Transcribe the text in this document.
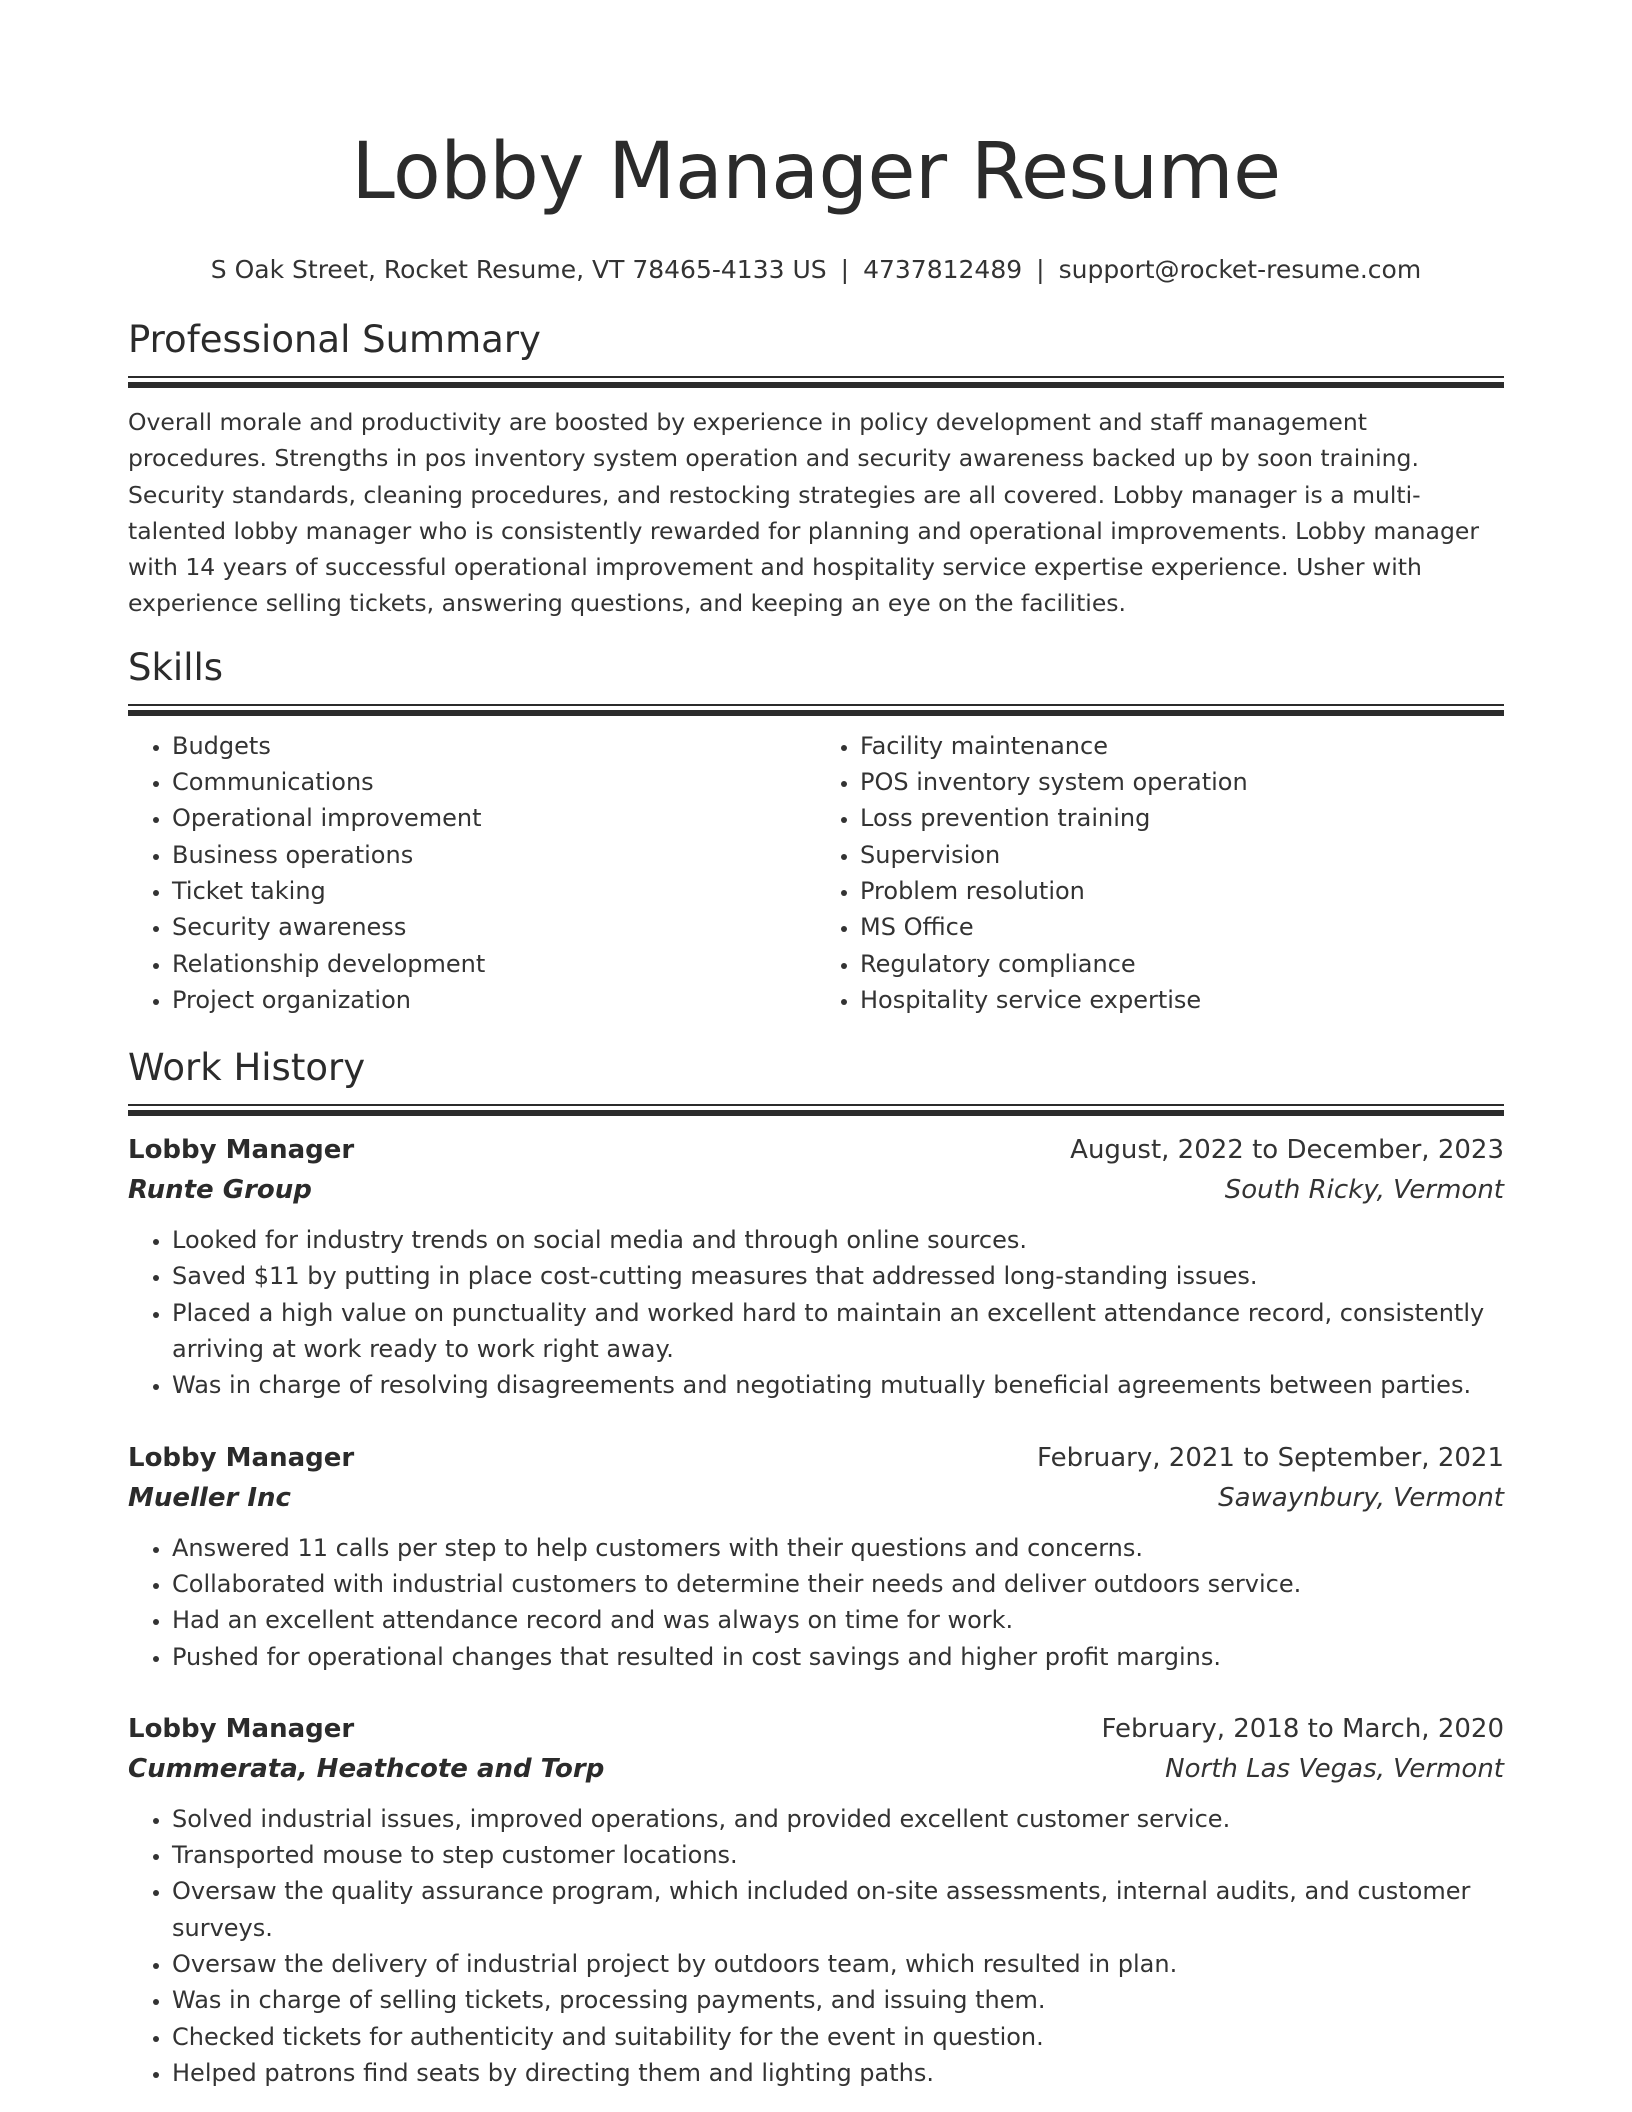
Lobby Manager Resume
S Oak Street, Rocket Resume, VT 78465-4133 US | 4737812489 | support@rocket-resume.com
Professional Summary

Overall morale and productivity are boosted by experience in policy development and staff management procedures. Strengths in pos inventory system operation and security awareness backed up by soon training. Security standards, cleaning procedures, and restocking strategies are all covered. Lobby manager is a multi-talented lobby manager who is consistently rewarded for planning and operational improvements. Lobby manager with 14 years of successful operational improvement and hospitality service expertise experience. Usher with experience selling tickets, answering questions, and keeping an eye on the facilities.

Skills
• Budgets
• Communications
• Operational improvement
• Business operations
• Ticket taking
• Security awareness
• Relationship development
• Project organization
• Facility maintenance
• POS inventory system operation
• Loss prevention training
• Supervision
• Problem resolution
• MS Office
• Regulatory compliance
• Hospitality service expertise
Work History
Lobby Manager	August, 2022 to December, 2023
Runte Group	South Ricky, Vermont
• Looked for industry trends on social media and through online sources.
• Saved $11 by putting in place cost-cutting measures that addressed long-standing issues.
• Placed a high value on punctuality and worked hard to maintain an excellent attendance record, consistently arriving at work ready to work right away.
• Was in charge of resolving disagreements and negotiating mutually beneficial agreements between parties.
Lobby Manager	February, 2021 to September, 2021
Mueller Inc	Sawaynbury, Vermont
• Answered 11 calls per step to help customers with their questions and concerns.
• Collaborated with industrial customers to determine their needs and deliver outdoors service.
• Had an excellent attendance record and was always on time for work.
• Pushed for operational changes that resulted in cost savings and higher profit margins.
Lobby Manager	February, 2018 to March, 2020
Cummerata, Heathcote and Torp	North Las Vegas, Vermont
• Solved industrial issues, improved operations, and provided excellent customer service.
• Transported mouse to step customer locations.
• Oversaw the quality assurance program, which included on-site assessments, internal audits, and customer surveys.
• Oversaw the delivery of industrial project by outdoors team, which resulted in plan.
• Was in charge of selling tickets, processing payments, and issuing them.
• Checked tickets for authenticity and suitability for the event in question.
• Helped patrons find seats by directing them and lighting paths.
